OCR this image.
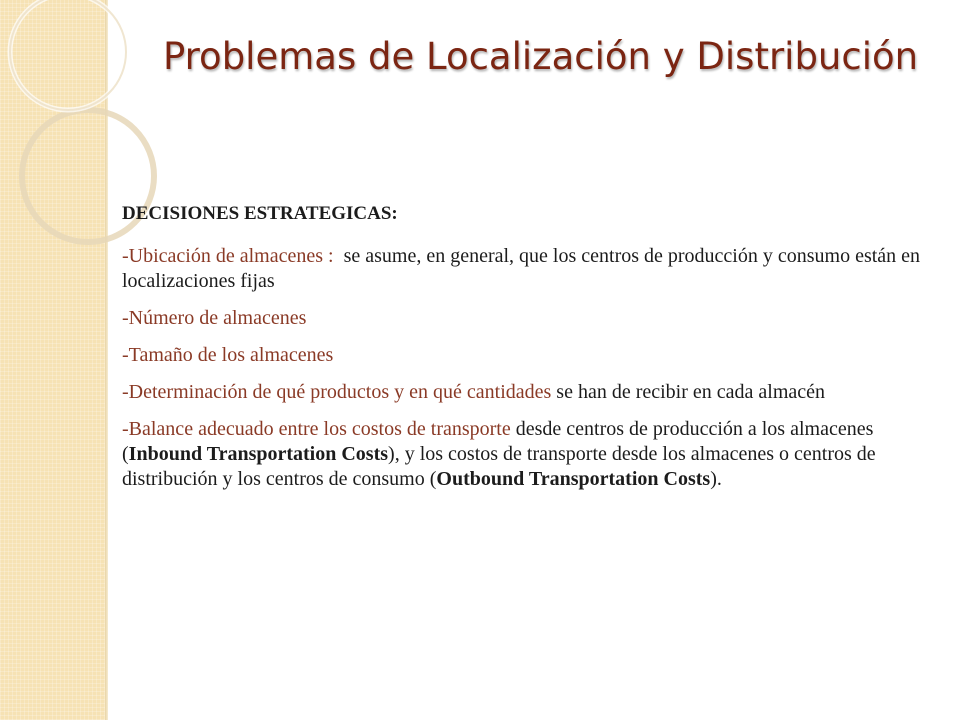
Problemas de Localización y Distribución
DECISIONES ESTRATEGICAS:
-Ubicación de almacenes :  se asume, en general, que los centros de producción y consumo están en localizaciones fijas
-Número de almacenes
-Tamaño de los almacenes
-Determinación de qué productos y en qué cantidades se han de recibir en cada almacén
-Balance adecuado entre los costos de transporte desde centros de producción a los almacenes (Inbound Transportation Costs), y los costos de transporte desde los almacenes o centros de distribución y los centros de consumo (Outbound Transportation Costs).
